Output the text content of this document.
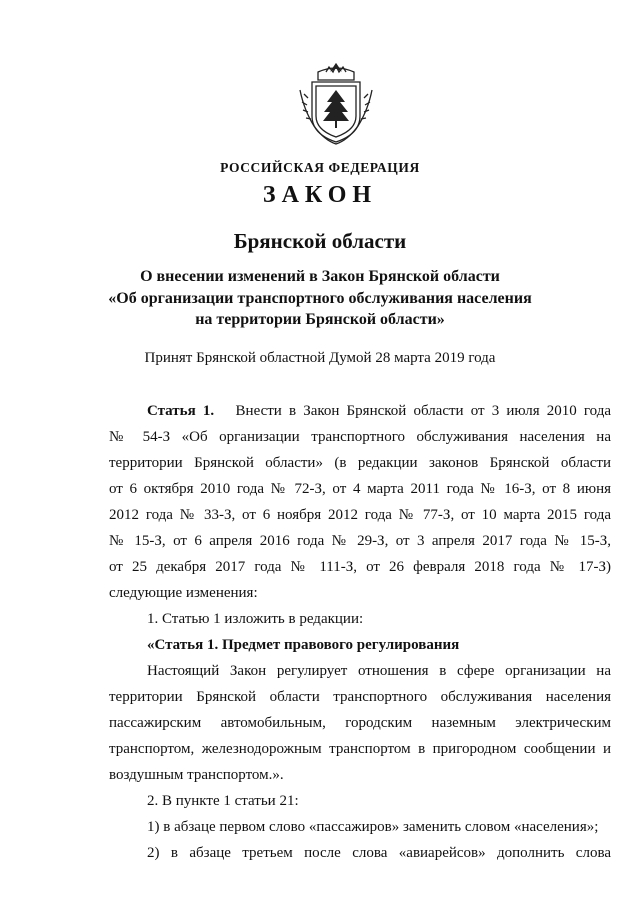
РОССИЙСКАЯ ФЕДЕРАЦИЯ
ЗАКОН
Брянской области
О внесении изменений в Закон Брянской области
«Об организации транспортного обслуживания населения
на территории Брянской области»
Принят Брянской областной Думой 28 марта 2019 года
Статья 1. Внести в Закон Брянской области от 3 июля 2010 года
№ 54-З «Об организации транспортного обслуживания населения на
территории Брянской области» (в редакции законов Брянской области
от 6 октября 2010 года № 72-З, от 4 марта 2011 года № 16-З, от 8 июня
2012 года № 33-З, от 6 ноября 2012 года № 77-З, от 10 марта 2015 года
№ 15-З, от 6 апреля 2016 года № 29-З, от 3 апреля 2017 года № 15-З,
от 25 декабря 2017 года № 111-З, от 26 февраля 2018 года № 17-З)
следующие изменения:
1. Статью 1 изложить в редакции:
«Статья 1. Предмет правового регулирования
Настоящий Закон регулирует отношения в сфере организации на
территории Брянской области транспортного обслуживания населения
пассажирским автомобильным, городским наземным электрическим
транспортом, железнодорожным транспортом в пригородном сообщении и
воздушным транспортом.».
2. В пункте 1 статьи 21:
1) в абзаце первом слово «пассажиров» заменить словом «населения»;
2) в абзаце третьем после слова «авиарейсов» дополнить слова
